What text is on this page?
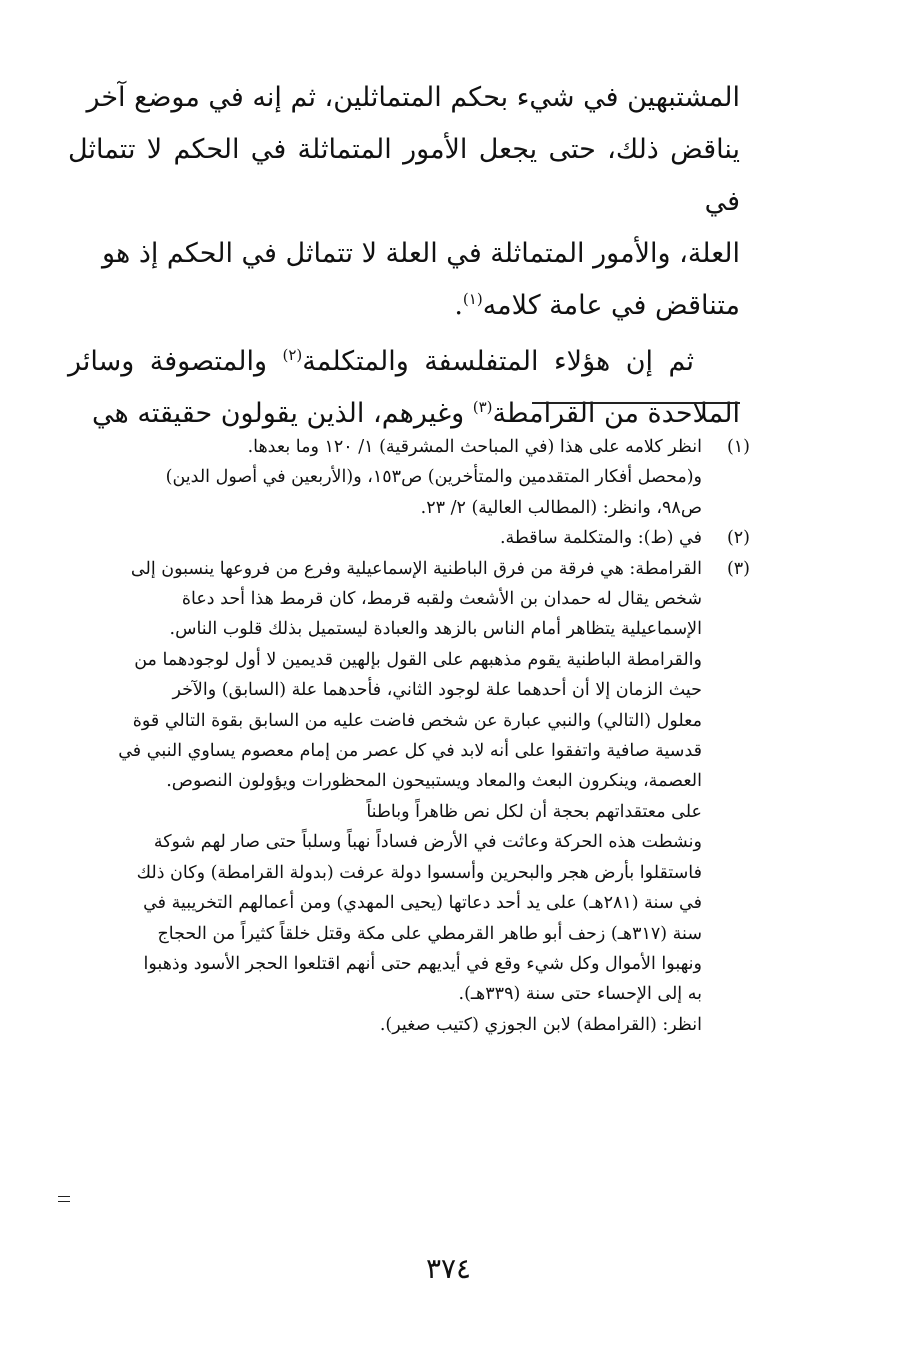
المشتبهين في شيء بحكم المتماثلين، ثم إنه في موضع آخر
يناقض ذلك، حتى يجعل الأمور المتماثلة في الحكم لا تتماثل في
العلة، والأمور المتماثلة في العلة لا تتماثل في الحكم إذ هو
متناقض في عامة كلامه$^{(١)}$.

ثم إن هؤلاء المتفلسفة والمتكلمة$^{(٢)}$ والمتصوفة وسائر الملاحدة من القرامطة$^{(٣)}$ وغيرهم، الذين يقولون حقيقته هي

(١)
انظر كلامه على هذا (في المباحث المشرقية) ١/ ١٢٠ وما بعدها.
و(محصل أفكار المتقدمين والمتأخرين) ص١٥٣، و(الأربعين في أصول الدين)
ص٩٨، وانظر: (المطالب العالية) ٢/ ٢٣.
(٢)
في (ط): والمتكلمة ساقطة.
(٣)
القرامطة: هي فرقة من فرق الباطنية الإسماعيلية وفرع من فروعها ينسبون إلى
شخص يقال له حمدان بن الأشعث ولقبه قرمط، كان قرمط هذا أحد دعاة
الإسماعيلية يتظاهر أمام الناس بالزهد والعبادة ليستميل بذلك قلوب الناس.
والقرامطة الباطنية يقوم مذهبهم على القول بإلهين قديمين لا أول لوجودهما من
حيث الزمان إلا أن أحدهما علة لوجود الثاني، فأحدهما علة (السابق) والآخر
معلول (التالي) والنبي عبارة عن شخص فاضت عليه من السابق بقوة التالي قوة
قدسية صافية واتفقوا على أنه لابد في كل عصر من إمام معصوم يساوي النبي في
العصمة، وينكرون البعث والمعاد ويستبيحون المحظورات ويؤولون النصوص.
على معتقداتهم بحجة أن لكل نص ظاهراً وباطناً
ونشطت هذه الحركة وعاثت في الأرض فساداً نهباً وسلباً حتى صار لهم شوكة
فاستقلوا بأرض هجر والبحرين وأسسوا دولة عرفت (بدولة القرامطة) وكان ذلك
في سنة (٢٨١هـ) على يد أحد دعاتها (يحيى المهدي) ومن أعمالهم التخريبية في
سنة (٣١٧هـ) زحف أبو طاهر القرمطي على مكة وقتل خلقاً كثيراً من الحجاج
ونهبوا الأموال وكل شيء وقع في أيديهم حتى أنهم اقتلعوا الحجر الأسود وذهبوا
به إلى الإحساء حتى سنة (٣٣٩هـ).
انظر: (القرامطة) لابن الجوزي (كتيب صغير).
٣٧٤
